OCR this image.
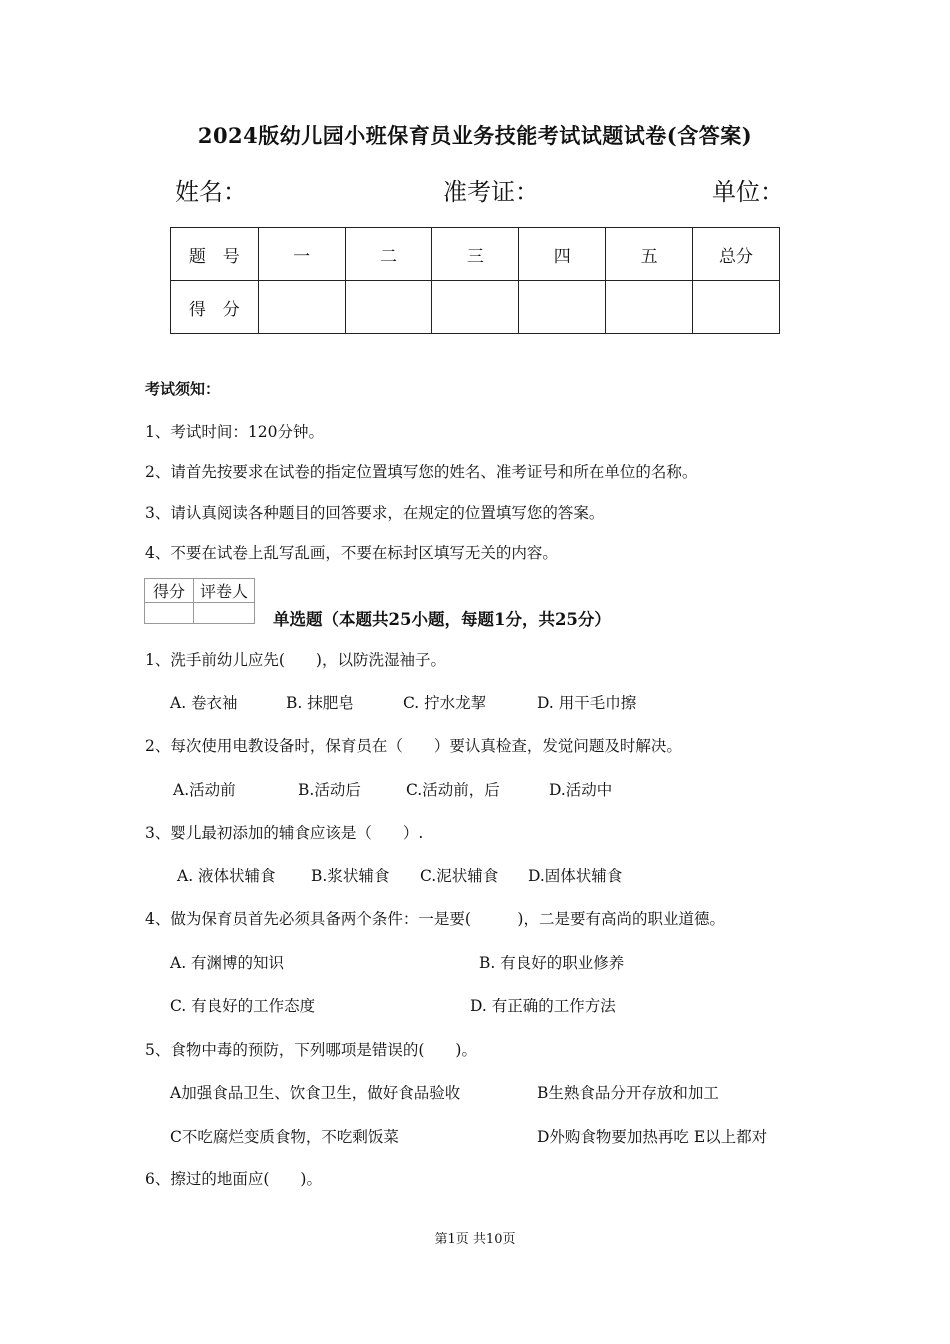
2024版幼儿园小班保育员业务技能考试试题试卷(含答案)
姓名：	准考证：	单位：
题　号	一	二	三	四	五	总分
得　分						
考试须知：
1、考试时间：120分钟。
2、请首先按要求在试卷的指定位置填写您的姓名、准考证号和所在单位的名称。
3、请认真阅读各种题目的回答要求，在规定的位置填写您的答案。
4、不要在试卷上乱写乱画，不要在标封区填写无关的内容。
得分	评卷人

单选题（本题共25小题，每题1分，共25分）
1、洗手前幼儿应先(　　)，以防洗湿袖子。
A. 卷衣袖	B. 抹肥皂	C. 拧水龙挈	D. 用干毛巾擦
2、每次使用电教设备时，保育员在（　　）要认真检查，发觉问题及时解决。
A.活动前	B.活动后	C.活动前，后	D.活动中
3、婴儿最初添加的辅食应该是（　　）.
A. 液体状辅食 B.浆状辅食 C.泥状辅食 D.固体状辅食
4、做为保育员首先必须具备两个条件：一是要(　　　)，二是要有高尚的职业道德。
A. 有渊博的知识	B. 有良好的职业修养
C. 有良好的工作态度	D. 有正确的工作方法
5、食物中毒的预防，下列哪项是错误的(　　)。
A加强食品卫生、饮食卫生，做好食品验收	B生熟食品分开存放和加工
C不吃腐烂变质食物，不吃剩饭菜	D外购食物要加热再吃 E以上都对
6、擦过的地面应(　　)。
第1页 共10页
